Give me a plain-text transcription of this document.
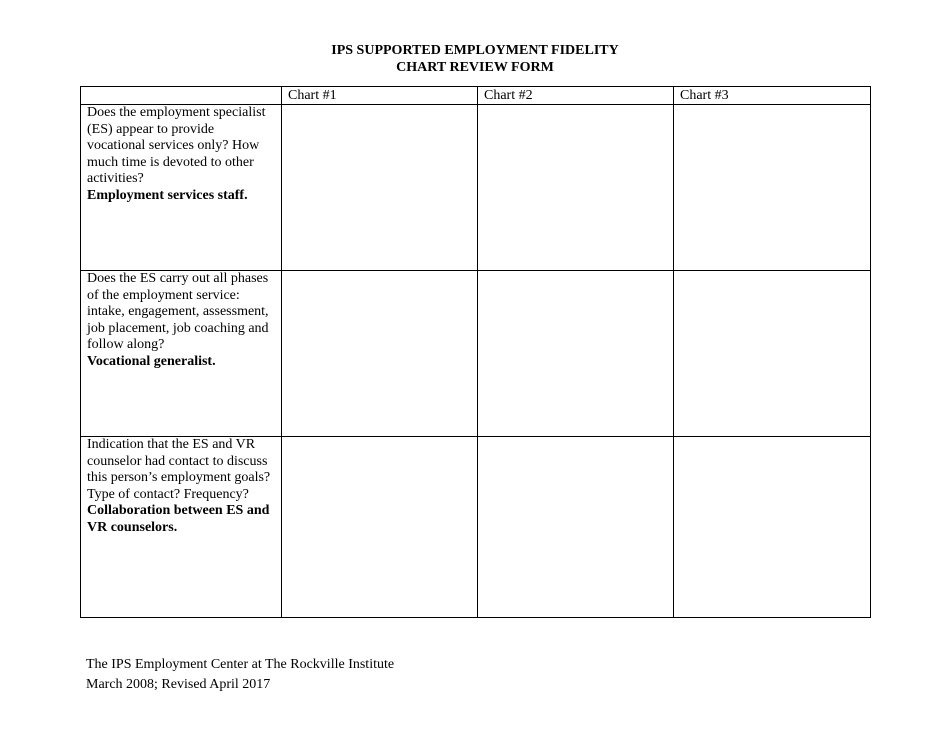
IPS SUPPORTED EMPLOYMENT FIDELITY
CHART REVIEW FORM
	Chart #1	Chart #2	Chart #3

Does the employment specialist (ES) appear to provide vocational services only? How much time is devoted to other activities?
Employment services staff.			

Does the ES carry out all phases of the employment service: intake, engagement, assessment, job placement, job coaching and follow along?
Vocational generalist.			

Indication that the ES and VR counselor had contact to discuss this person’s employment goals? Type of contact? Frequency?
Collaboration between ES and VR counselors.			

The IPS Employment Center at The Rockville Institute
March 2008; Revised April 2017
